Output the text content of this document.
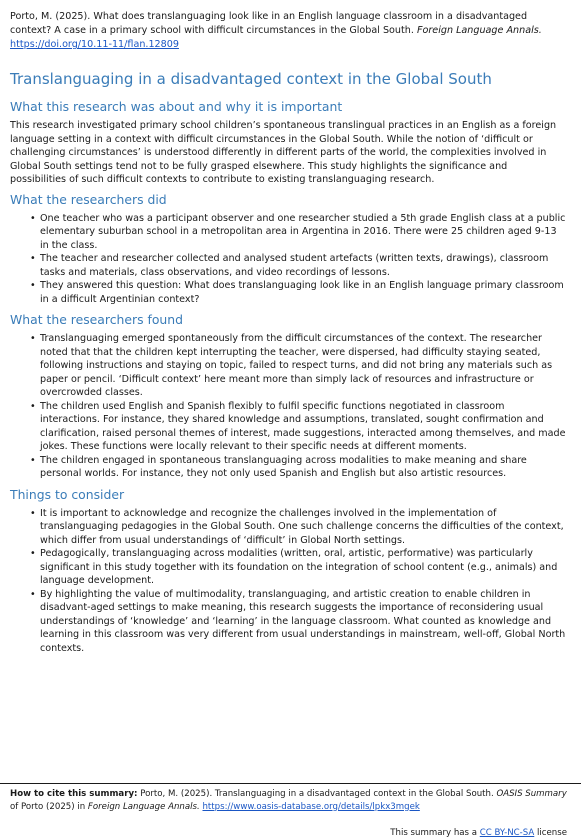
Porto, M. (2025). What does translanguaging look like in an English language classroom in a disadvantaged context? A case in a primary school with difficult circumstances in the Global South. Foreign Language Annals. https://doi.org/10.11-11/flan.12809

Translanguaging in a disadvantaged context in the Global South
What this research was about and why it is important

This research investigated primary school children’s spontaneous translingual practices in an English as a foreign language setting in a context with difficult circumstances in the Global South. While the notion of ‘difficult or challenging circumstances’ is understood differently in different parts of the world, the complexities involved in Global South settings tend not to be fully grasped elsewhere. This study highlights the significance and possibilities of such difficult contexts to contribute to existing translanguaging research.

What the researchers did
• One teacher who was a participant observer and one researcher studied a 5th grade English class at a public elementary suburban school in a metropolitan area in Argentina in 2016. There were 25 children aged 9-13 in the class.
• The teacher and researcher collected and analysed student artefacts (written texts, drawings), classroom tasks and materials, class observations, and video recordings of lessons.
• They answered this question: What does translanguaging look like in an English language primary classroom in a difficult Argentinian context?
What the researchers found
• Translanguaging emerged spontaneously from the difficult circumstances of the context. The researcher noted that that the children kept interrupting the teacher, were dispersed, had difficulty staying seated, following instructions and staying on topic, failed to respect turns, and did not bring any materials such as paper or pencil. ‘Difficult context’ here meant more than simply lack of resources and infrastructure or overcrowded classes.
• The children used English and Spanish flexibly to fulfil specific functions negotiated in classroom interactions. For instance, they shared knowledge and assumptions, translated, sought confirmation and clarification, raised personal themes of interest, made suggestions, interacted among themselves, and made jokes. These functions were locally relevant to their specific needs at different moments.
• The children engaged in spontaneous translanguaging across modalities to make meaning and share personal worlds. For instance, they not only used Spanish and English but also artistic resources.
Things to consider
• It is important to acknowledge and recognize the challenges involved in the implementation of translanguaging pedagogies in the Global South. One such challenge concerns the difficulties of the context, which differ from usual understandings of ‘difficult’ in Global North settings.
• Pedagogically, translanguaging across modalities (written, oral, artistic, performative) was particularly significant in this study together with its foundation on the integration of school content (e.g., animals) and language development.
• By highlighting the value of multimodality, translanguaging, and artistic creation to enable children in disadvant-aged settings to make meaning, this research suggests the importance of reconsidering usual understandings of ‘knowledge’ and ‘learning’ in the language classroom. What counted as knowledge and learning in this classroom was very different from usual understandings in mainstream, well-off, Global North contexts.

How to cite this summary: Porto, M. (2025). Translanguaging in a disadvantaged context in the Global South. OASIS Summary of Porto (2025) in Foreign Language Annals. https://www.oasis-database.org/details/lpkx3mgek

This summary has a CC BY-NC-SA license
